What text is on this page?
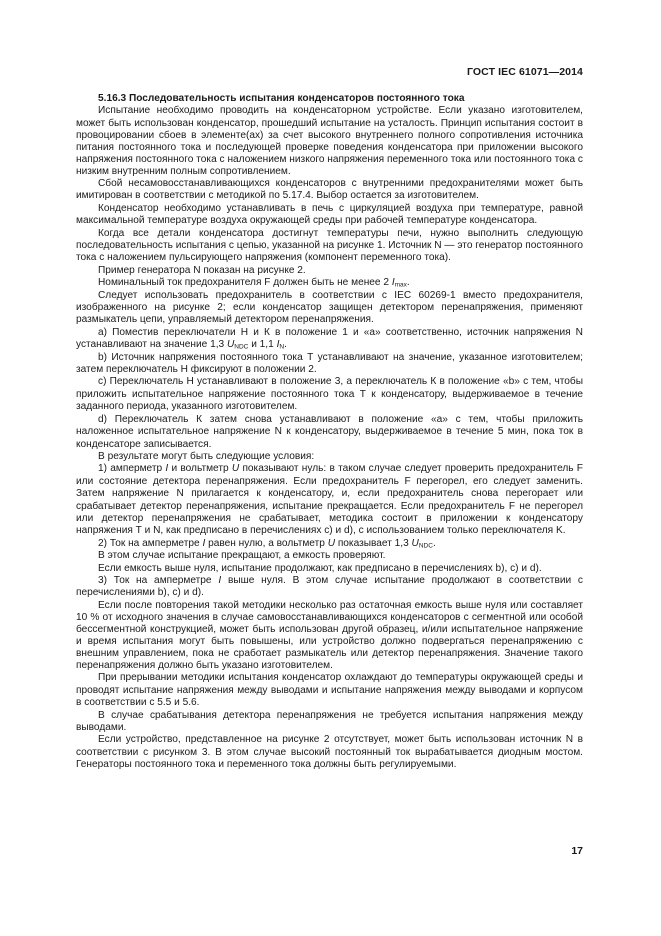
ГОСТ IEC 61071—2014

5.16.3 Последовательность испытания конденсаторов постоянного тока

Испытание необходимо проводить на конденсаторном устройстве. Если указано изготовителем, может быть использован конденсатор, прошедший испытание на усталость. Принцип испытания состоит в провоцировании сбоев в элементе(ах) за счет высокого внутреннего полного сопротивления источника питания постоянного тока и последующей проверке поведения конденсатора при приложении высокого напряжения постоянного тока с наложением низкого напряжения переменного тока или постоянного тока с низким внутренним полным сопротивлением.

Сбой несамовосстанавливающихся конденсаторов с внутренними предохранителями может быть имитирован в соответствии с методикой по 5.17.4. Выбор остается за изготовителем.

Конденсатор необходимо устанавливать в печь с циркуляцией воздуха при температуре, равной максимальной температуре воздуха окружающей среды при рабочей температуре конденсатора.

Когда все детали конденсатора достигнут температуры печи, нужно выполнить следующую последовательность испытания с цепью, указанной на рисунке 1. Источник N — это генератор постоянного тока с наложением пульсирующего напряжения (компонент переменного тока).

Пример генератора N показан на рисунке 2.

Номинальный ток предохранителя F должен быть не менее 2 $I_{max}$.

Следует использовать предохранитель в соответствии с IEC 60269-1 вместо предохранителя, изображенного на рисунке 2; если конденсатор защищен детектором перенапряжения, применяют размыкатель цепи, управляемый детектором перенапряжения.

а) Поместив переключатели Н и К в положение 1 и «а» соответственно, источник напряжения N устанавливают на значение 1,3 $U_{NDC}$ и 1,1 $I_N$.

b) Источник напряжения постоянного тока Т устанавливают на значение, указанное изготовителем; затем переключатель Н фиксируют в положении 2.

с) Переключатель Н устанавливают в положение 3, а переключатель К в положение «b» с тем, чтобы приложить испытательное напряжение постоянного тока Т к конденсатору, выдерживаемое в течение заданного периода, указанного изготовителем.

d) Переключатель К затем снова устанавливают в положение «а» с тем, чтобы приложить наложенное испытательное напряжение N к конденсатору, выдерживаемое в течение 5 мин, пока ток в конденсаторе записывается.

В результате могут быть следующие условия:

1) амперметр I и вольтметр U показывают нуль: в таком случае следует проверить предохранитель F или состояние детектора перенапряжения. Если предохранитель F перегорел, его следует заменить. Затем напряжение N прилагается к конденсатору, и, если предохранитель снова перегорает или срабатывает детектор перенапряжения, испытание прекращается. Если предохранитель F не перегорел или детектор перенапряжения не срабатывает, методика состоит в приложении к конденсатору напряжения Т и N, как предписано в перечислениях с) и d), с использованием только переключателя K.

2) Ток на амперметре I равен нулю, а вольтметр U показывает 1,3 $U_{NDC}$.

В этом случае испытание прекращают, а емкость проверяют.

Если емкость выше нуля, испытание продолжают, как предписано в перечислениях b), с) и d).

3) Ток на амперметре I выше нуля. В этом случае испытание продолжают в соответствии с перечислениями b), с) и d).

Если после повторения такой методики несколько раз остаточная емкость выше нуля или составляет 10 % от исходного значения в случае самовосстанавливающихся конденсаторов с сегментной или особой бессегментной конструкцией, может быть использован другой образец, и/или испытательное напряжение и время испытания могут быть повышены, или устройство должно подвергаться перенапряжению с внешним управлением, пока не сработает размыкатель или детектор перенапряжения. Значение такого перенапряжения должно быть указано изготовителем.

При прерывании методики испытания конденсатор охлаждают до температуры окружающей среды и проводят испытание напряжения между выводами и испытание напряжения между выводами и корпусом в соответствии с 5.5 и 5.6.

В случае срабатывания детектора перенапряжения не требуется испытания напряжения между выводами.

Если устройство, представленное на рисунке 2 отсутствует, может быть использован источник N в соответствии с рисунком 3. В этом случае высокий постоянный ток вырабатывается диодным мостом. Генераторы постоянного тока и переменного тока должны быть регулируемыми.

17
